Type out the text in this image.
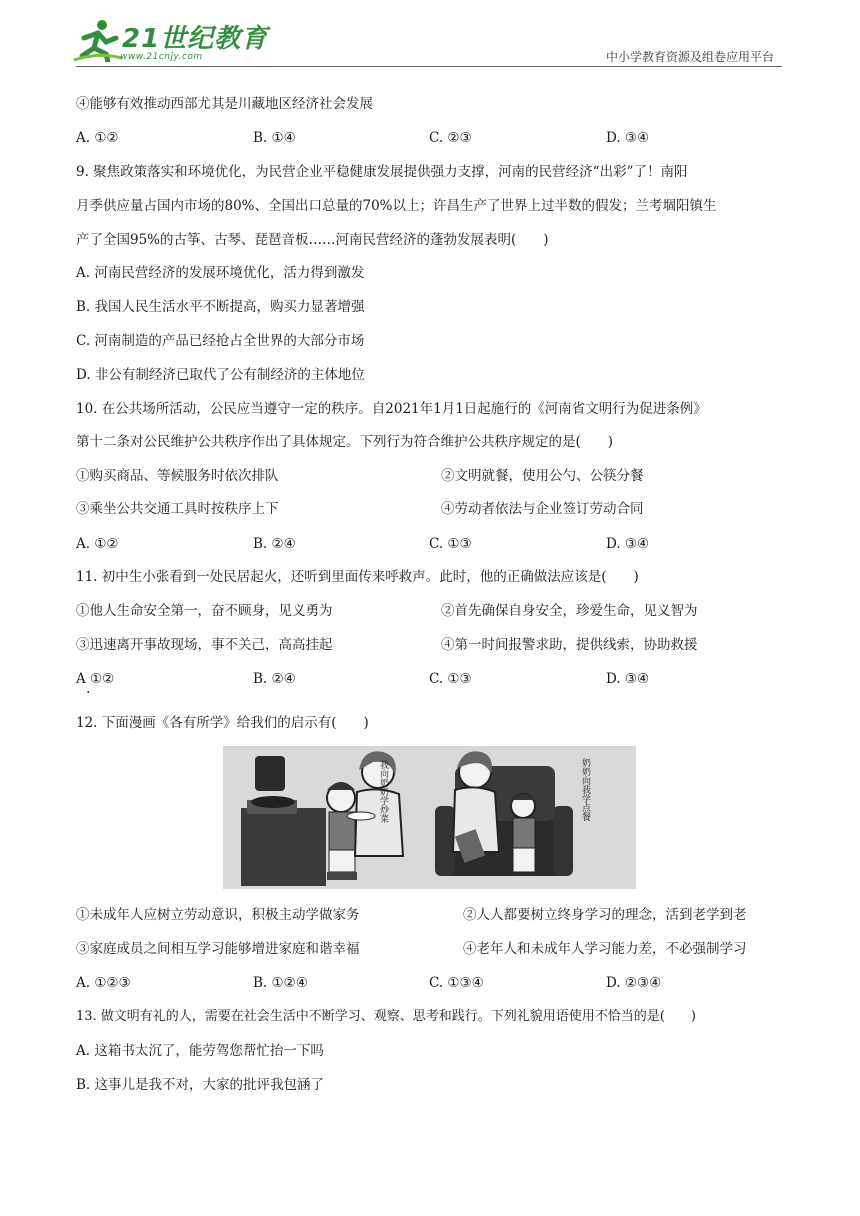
21世纪教育
www.21cnjy.com	中小学教育资源及组卷应用平台
④能够有效推动西部尤其是川藏地区经济社会发展
A. ①②	B. ①④	C. ②③	D. ③④
9. 聚焦政策落实和环境优化，为民营企业平稳健康发展提供强力支撑，河南的民营经济“出彩”了！南阳
月季供应量占国内市场的80%、全国出口总量的70%以上；许昌生产了世界上过半数的假发；兰考堌阳镇生
产了全国95%的古筝、古琴、琵琶音板……河南民营经济的蓬勃发展表明(　　)
A. 河南民营经济的发展环境优化，活力得到激发
B. 我国人民生活水平不断提高，购买力显著增强
C. 河南制造的产品已经抢占全世界的大部分市场
D. 非公有制经济已取代了公有制经济的主体地位
10. 在公共场所活动，公民应当遵守一定的秩序。自2021年1月1日起施行的《河南省文明行为促进条例》
第十二条对公民维护公共秩序作出了具体规定。下列行为符合维护公共秩序规定的是(　　)
①购买商品、等候服务时依次排队	②文明就餐，使用公勺、公筷分餐
③乘坐公共交通工具时按秩序上下	④劳动者依法与企业签订劳动合同
A. ①②	B. ②④	C. ①③	D. ③④
11. 初中生小张看到一处民居起火，还听到里面传来呼救声。此时，他的正确做法应该是(　　)
①他人生命安全第一，奋不顾身，见义勇为	②首先确保自身安全，珍爱生命，见义智为
③迅速离开事故现场，事不关己，高高挂起	④第一时间报警求助，提供线索，协助救援
A ①②	B. ②④	C. ①③	D. ③④
·
12. 下面漫画《各有所学》给我们的启示有(　　)
我向奶奶学炒菜	奶奶向我学点餐
①未成年人应树立劳动意识，积极主动学做家务	②人人都要树立终身学习的理念，活到老学到老
③家庭成员之间相互学习能够增进家庭和谐幸福	④老年人和未成年人学习能力差，不必强制学习
A. ①②③	B. ①②④	C. ①③④	D. ②③④
13. 做文明有礼的人，需要在社会生活中不断学习、观察、思考和践行。下列礼貌用语使用不恰当的是(　　)
A. 这箱书太沉了，能劳驾您帮忙抬一下吗
B. 这事儿是我不对，大家的批评我包涵了
